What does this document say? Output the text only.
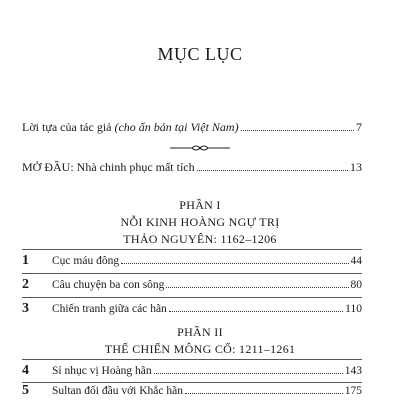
MỤC LỤC
Lời tựa của tác giả (cho ấn bản tại Việt Nam)	7
MỞ ĐẦU: Nhà chinh phục mất tích	13
PHẦN I
NỖI KINH HOÀNG NGỰ TRỊ
THẢO NGUYÊN: 1162–1206
1	Cục máu đông	44
2	Câu chuyện ba con sông	80
3	Chiến tranh giữa các hãn	110
PHẦN II
THẾ CHIẾN MÔNG CỔ: 1211–1261
4	Sỉ nhục vị Hoàng hãn	143
5	Sultan đối đầu với Khắc hãn	175
